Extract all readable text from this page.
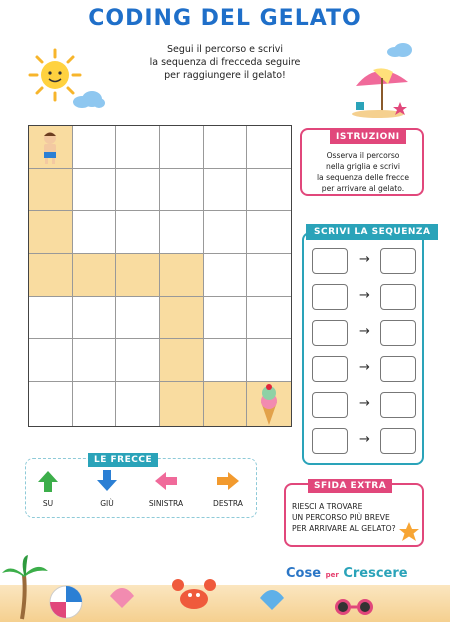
CODING DEL GELATO
Segui il percorso e scrivi
la sequenza di frecceda seguire
per raggiungere il gelato!
ISTRUZIONI
Osserva il percorso
nella griglia e scrivi
la sequenza delle frecce
per arrivare al gelato.
SCRIVI LA SEQUENZA
→
→
→
→
→
→
LE FRECCE
SU	GIÙ	SINISTRA	DESTRA
SFIDA EXTRA
RIESCI A TROVARE
UN PERCORSO PIÙ BREVE
PER ARRIVARE AL GELATO?
Cose per Crescere
